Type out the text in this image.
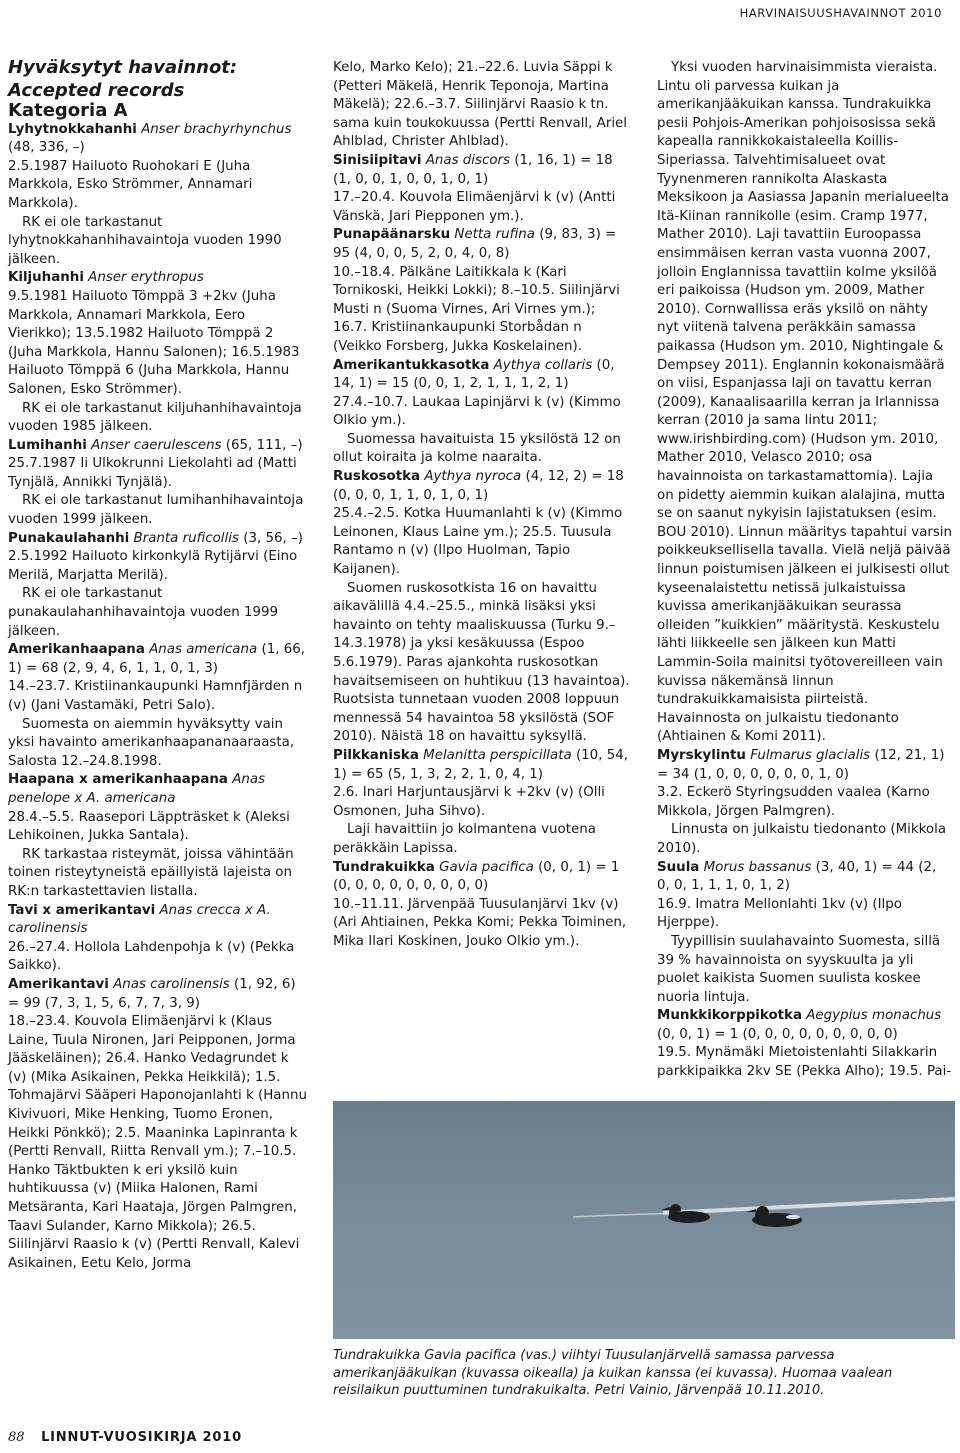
HARVINAISUUSHAVAINNOT 2010

Hyväksytyt havainnot:

Accepted records

Kategoria A

Lyhytnokkahanhi Anser brachyrhynchus
(48, 336, –)

2.5.1987 Hailuoto Ruohokari E (Juha Markkola, Esko Strömmer, Annamari Markkola).

RK ei ole tarkastanut lyhytnokkahanhihavaintoja vuoden 1990 jälkeen.

Kiljuhanhi Anser erythropus

9.5.1981 Hailuoto Tömppä 3 +2kv (Juha Markkola, Annamari Markkola, Eero Vierikko); 13.5.1982 Hailuoto Tömppä 2 (Juha Markkola, Hannu Salonen); 16.5.1983 Hailuoto Tömppä 6 (Juha Markkola, Hannu Salonen, Esko Strömmer).

RK ei ole tarkastanut kiljuhanhihavaintoja vuoden 1985 jälkeen.

Lumihanhi Anser caerulescens (65, 111, –)

25.7.1987 Ii Ulkokrunni Liekolahti ad (Matti Tynjälä, Annikki Tynjälä).

RK ei ole tarkastanut lumihanhihavaintoja vuoden 1999 jälkeen.

Punakaulahanhi Branta ruficollis (3, 56, –)

2.5.1992 Hailuoto kirkonkylä Rytijärvi (Eino Merilä, Marjatta Merilä).

RK ei ole tarkastanut punakaulahanhihavaintoja vuoden 1999 jälkeen.

Amerikanhaapana Anas americana (1, 66, 1) = 68 (2, 9, 4, 6, 1, 1, 0, 1, 3)

14.–23.7. Kristiinankaupunki Hamnfjärden n (v) (Jani Vastamäki, Petri Salo).

Suomesta on aiemmin hyväksytty vain yksi havainto amerikanhaapananaaraasta, Salosta 12.–24.8.1998.

Haapana x amerikanhaapana Anas penelope x A. americana

28.4.–5.5. Raasepori Läppträsket k (Aleksi Lehikoinen, Jukka Santala).

RK tarkastaa risteymät, joissa vähintään toinen risteytyneistä epäillyistä lajeista on RK:n tarkastettavien listalla.

Tavi x amerikantavi Anas crecca x A. carolinensis

26.–27.4. Hollola Lahdenpohja k (v) (Pekka Saikko).

Amerikantavi Anas carolinensis (1, 92, 6) = 99 (7, 3, 1, 5, 6, 7, 7, 3, 9)

18.–23.4. Kouvola Elimäenjärvi k (Klaus Laine, Tuula Nironen, Jari Peipponen, Jorma Jääskeläinen); 26.4. Hanko Vedagrundet k (v) (Mika Asikainen, Pekka Heikkilä); 1.5. Tohmajärvi Sääperi Haponojanlahti k (Hannu Kivivuori, Mike Henking, Tuomo Eronen, Heikki Pönkkö); 2.5. Maaninka Lapinranta k (Pertti Renvall, Riitta Renvall ym.); 7.–10.5. Hanko Täktbukten k eri yksilö kuin huhtikuussa (v) (Miika Halonen, Rami Metsäranta, Kari Haataja, Jörgen Palmgren, Taavi Sulander, Karno Mikkola); 26.5. Siilinjärvi Raasio k (v) (Pertti Renvall, Kalevi Asikainen, Eetu Kelo, Jorma

Kelo, Marko Kelo); 21.–22.6. Luvia Säppi k (Petteri Mäkelä, Henrik Teponoja, Martina Mäkelä); 22.6.–3.7. Siilinjärvi Raasio k tn. sama kuin toukokuussa (Pertti Renvall, Ariel Ahlblad, Christer Ahlblad).

Sinisiipitavi Anas discors (1, 16, 1) = 18 (1, 0, 0, 1, 0, 0, 1, 0, 1)

17.–20.4. Kouvola Elimäenjärvi k (v) (Antti Vänskä, Jari Piepponen ym.).

Punapäänarsku Netta rufina (9, 83, 3) = 95 (4, 0, 0, 5, 2, 0, 4, 0, 8)

10.–18.4. Pälkäne Laitikkala k (Kari Tornikoski, Heikki Lokki); 8.–10.5. Siilinjärvi Musti n (Suoma Virnes, Ari Virnes ym.); 16.7. Kristiinankaupunki Storbådan n (Veikko Forsberg, Jukka Koskelainen).

Amerikantukkasotka Aythya collaris (0, 14, 1) = 15 (0, 0, 1, 2, 1, 1, 1, 2, 1)

27.4.–10.7. Laukaa Lapinjärvi k (v) (Kimmo Olkio ym.).

Suomessa havaituista 15 yksilöstä 12 on ollut koiraita ja kolme naaraita.

Ruskosotka Aythya nyroca (4, 12, 2) = 18 (0, 0, 0, 1, 1, 0, 1, 0, 1)

25.4.–2.5. Kotka Huumanlahti k (v) (Kimmo Leinonen, Klaus Laine ym.); 25.5. Tuusula Rantamo n (v) (Ilpo Huolman, Tapio Kaijanen).

Suomen ruskosotkista 16 on havaittu aikavälillä 4.4.–25.5., minkä lisäksi yksi havainto on tehty maaliskuussa (Turku 9.–14.3.1978) ja yksi kesäkuussa (Espoo 5.6.1979). Paras ajankohta ruskosotkan havaitsemiseen on huhtikuu (13 havaintoa). Ruotsista tunnetaan vuoden 2008 loppuun mennessä 54 havaintoa 58 yksilöstä (SOF 2010). Näistä 18 on havaittu syksyllä.

Pilkkaniska Melanitta perspicillata (10, 54, 1) = 65 (5, 1, 3, 2, 2, 1, 0, 4, 1)

2.6. Inari Harjuntausjärvi k +2kv (v) (Olli Osmonen, Juha Sihvo).

Laji havaittiin jo kolmantena vuotena peräkkäin Lapissa.

Tundrakuikka Gavia pacifica (0, 0, 1) = 1 (0, 0, 0, 0, 0, 0, 0, 0, 0)

10.–11.11. Järvenpää Tuusulanjärvi 1kv (v) (Ari Ahtiainen, Pekka Komi; Pekka Toiminen, Mika Ilari Koskinen, Jouko Olkio ym.).

Yksi vuoden harvinaisimmista vieraista. Lintu oli parvessa kuikan ja amerikanjääkuikan kanssa. Tundrakuikka pesii Pohjois-Amerikan pohjoisosissa sekä kapealla rannikkokaistaleella Koillis-Siperiassa. Talvehtimisalueet ovat Tyynenmeren rannikolta Alaskasta Meksikoon ja Aasiassa Japanin merialueelta Itä-Kiinan rannikolle (esim. Cramp 1977, Mather 2010). Laji tavattiin Euroopassa ensimmäisen kerran vasta vuonna 2007, jolloin Englannissa tavattiin kolme yksilöä eri paikoissa (Hudson ym. 2009, Mather 2010). Cornwallissa eräs yksilö on nähty nyt viitenä talvena peräkkäin samassa paikassa (Hudson ym. 2010, Nightingale & Dempsey 2011). Englannin kokonaismäärä on viisi, Espanjassa laji on tavattu kerran (2009), Kanaalisaarilla kerran ja Irlannissa kerran (2010 ja sama lintu 2011; www.irishbirding.com) (Hudson ym. 2010, Mather 2010, Velasco 2010; osa havainnoista on tarkastamattomia). Lajia on pidetty aiemmin kuikan alalajina, mutta se on saanut nykyisin lajistatuksen (esim. BOU 2010). Linnun määritys tapahtui varsin poikkeuksellisella tavalla. Vielä neljä päivää linnun poistumisen jälkeen ei julkisesti ollut kyseenalaistettu netissä julkaistuissa kuvissa amerikanjääkuikan seurassa olleiden ”kuikkien” määritystä. Keskustelu lähti liikkeelle sen jälkeen kun Matti Lammin-Soila mainitsi työtovereilleen vain kuvissa näkemänsä linnun tundrakuikkamaisista piirteistä. Havainnosta on julkaistu tiedonanto (Ahtiainen & Komi 2011).

Myrskylintu Fulmarus glacialis (12, 21, 1) = 34 (1, 0, 0, 0, 0, 0, 0, 1, 0)

3.2. Eckerö Styringsudden vaalea (Karno Mikkola, Jörgen Palmgren).

Linnusta on julkaistu tiedonanto (Mikkola 2010).

Suula Morus bassanus (3, 40, 1) = 44 (2, 0, 0, 1, 1, 1, 0, 1, 2)

16.9. Imatra Mellonlahti 1kv (v) (Ilpo Hjerppe).

Tyypillisin suulahavainto Suomesta, sillä 39 % havainnoista on syyskuulta ja yli puolet kaikista Suomen suulista koskee nuoria lintuja.

Munkkikorppikotka Aegypius monachus (0, 0, 1) = 1 (0, 0, 0, 0, 0, 0, 0, 0, 0)

19.5. Mynämäki Mietoistenlahti Silakkarin parkkipaikka 2kv SE (Pekka Alho); 19.5. Pai-

Tundrakuikka Gavia pacifica (vas.) viihtyi Tuusulanjärvellä samassa parvessa amerikanjääkuikan (kuvassa oikealla) ja kuikan kanssa (ei kuvassa). Huomaa vaalean reisilaikun puuttuminen tundrakuikalta. Petri Vainio, Järvenpää 10.11.2010.
88 LINNUT-VUOSIKIRJA 2010
